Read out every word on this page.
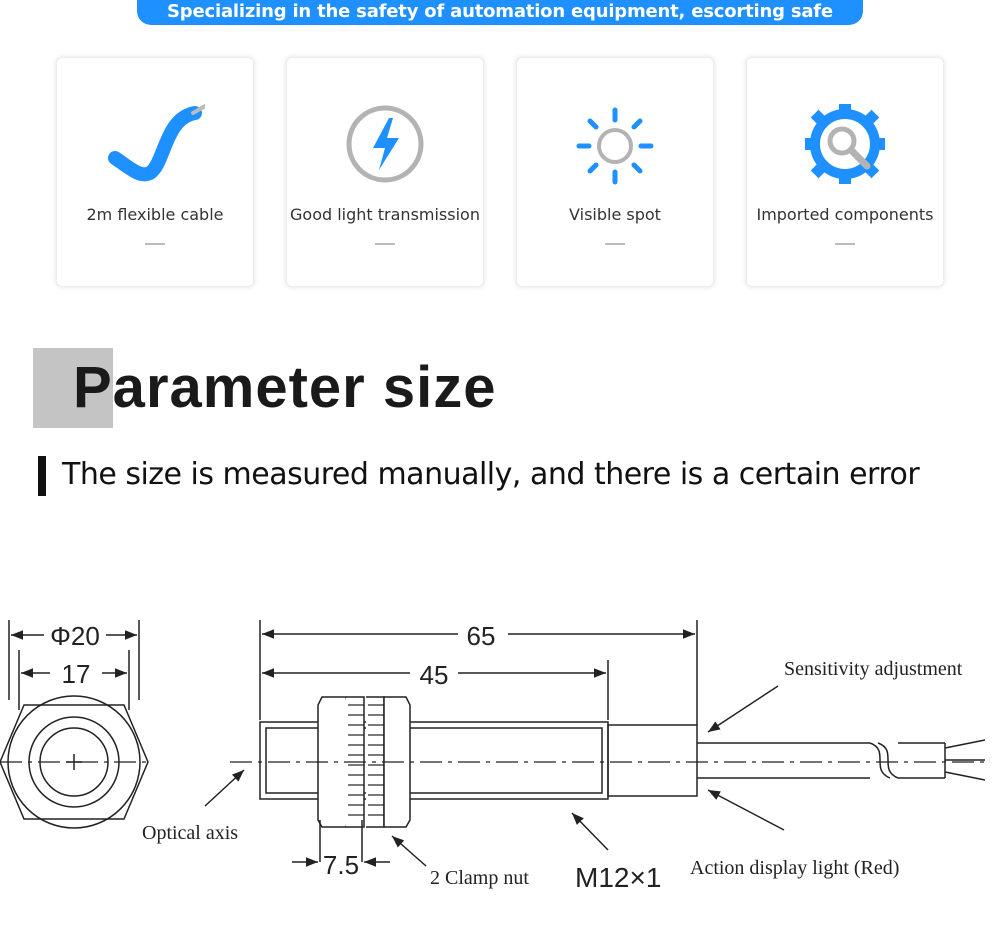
Specializing in the safety of automation equipment, escorting safe production
2m flexible cable	Good light transmission	Visible spot	Imported components
Parameter size
The size is measured manually, and there is a certain error
Φ20
17
65
45
7.5
Sensitivity adjustment
Optical axis
2 Clamp nut M12×1 Action display light (Red)
